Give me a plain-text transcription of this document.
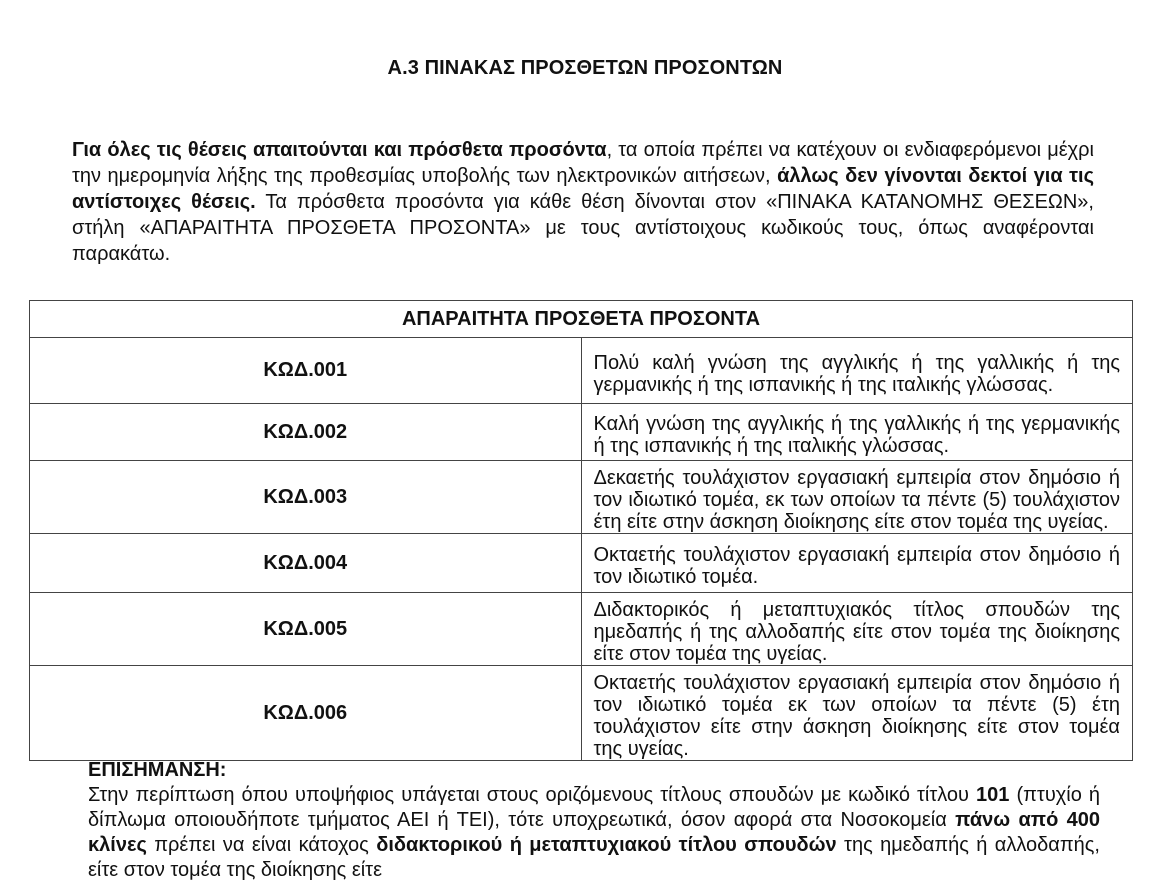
A.3 ΠΙΝΑΚΑΣ ΠΡΟΣΘΕΤΩΝ ΠΡΟΣΟΝΤΩΝ

Για όλες τις θέσεις απαιτούνται και πρόσθετα προσόντα, τα οποία πρέπει να κατέχουν οι ενδιαφερόμενοι μέχρι την ημερομηνία λήξης της προθεσμίας υποβολής των ηλεκτρονικών αιτήσεων, άλλως δεν γίνονται δεκτοί για τις αντίστοιχες θέσεις. Τα πρόσθετα προσόντα για κάθε θέση δίνονται στον «ΠΙΝΑΚΑ ΚΑΤΑΝΟΜΗΣ ΘΕΣΕΩΝ», στήλη «ΑΠΑΡΑΙΤΗΤΑ ΠΡΟΣΘΕΤΑ ΠΡΟΣΟΝΤΑ» με τους αντίστοιχους κωδικούς τους, όπως αναφέρονται παρακάτω.

ΑΠΑΡΑΙΤΗΤΑ ΠΡΟΣΘΕΤΑ ΠΡΟΣΟΝΤΑ	
ΚΩΔ.001	Πολύ καλή γνώση της αγγλικής ή της γαλλικής ή της γερμανικής ή της ισπανικής ή της ιταλικής γλώσσας.
ΚΩΔ.002	Καλή γνώση της αγγλικής ή της γαλλικής ή της γερμανικής ή της ισπανικής ή της ιταλικής γλώσσας.
ΚΩΔ.003	Δεκαετής τουλάχιστον εργασιακή εμπειρία στον δημόσιο ή τον ιδιωτικό τομέα, εκ των οποίων τα πέντε (5) τουλάχιστον έτη είτε στην άσκηση διοίκησης είτε στον τομέα της υγείας.
ΚΩΔ.004	Οκταετής τουλάχιστον εργασιακή εμπειρία στον δημόσιο ή τον ιδιωτικό τομέα.
ΚΩΔ.005	Διδακτορικός ή μεταπτυχιακός τίτλος σπουδών της ημεδαπής ή της αλλοδαπής είτε στον τομέα της διοίκησης είτε στον τομέα της υγείας.
ΚΩΔ.006	Οκταετής τουλάχιστον εργασιακή εμπειρία στον δημόσιο ή τον ιδιωτικό τομέα εκ των οποίων τα πέντε (5) έτη τουλάχιστον είτε στην άσκηση διοίκησης είτε στον τομέα της υγείας.
ΕΠΙΣΗΜΑΝΣΗ:
Στην περίπτωση όπου υποψήφιος υπάγεται στους οριζόμενους τίτλους σπουδών με κωδικό τίτλου 101 (πτυχίο ή δίπλωμα οποιουδήποτε τμήματος ΑΕΙ ή ΤΕΙ), τότε υποχρεωτικά, όσον αφορά στα Νοσοκομεία πάνω από 400 κλίνες πρέπει να είναι κάτοχος διδακτορικού ή μεταπτυχιακού τίτλου σπουδών της ημεδαπής ή αλλοδαπής, είτε στον τομέα της διοίκησης είτε
